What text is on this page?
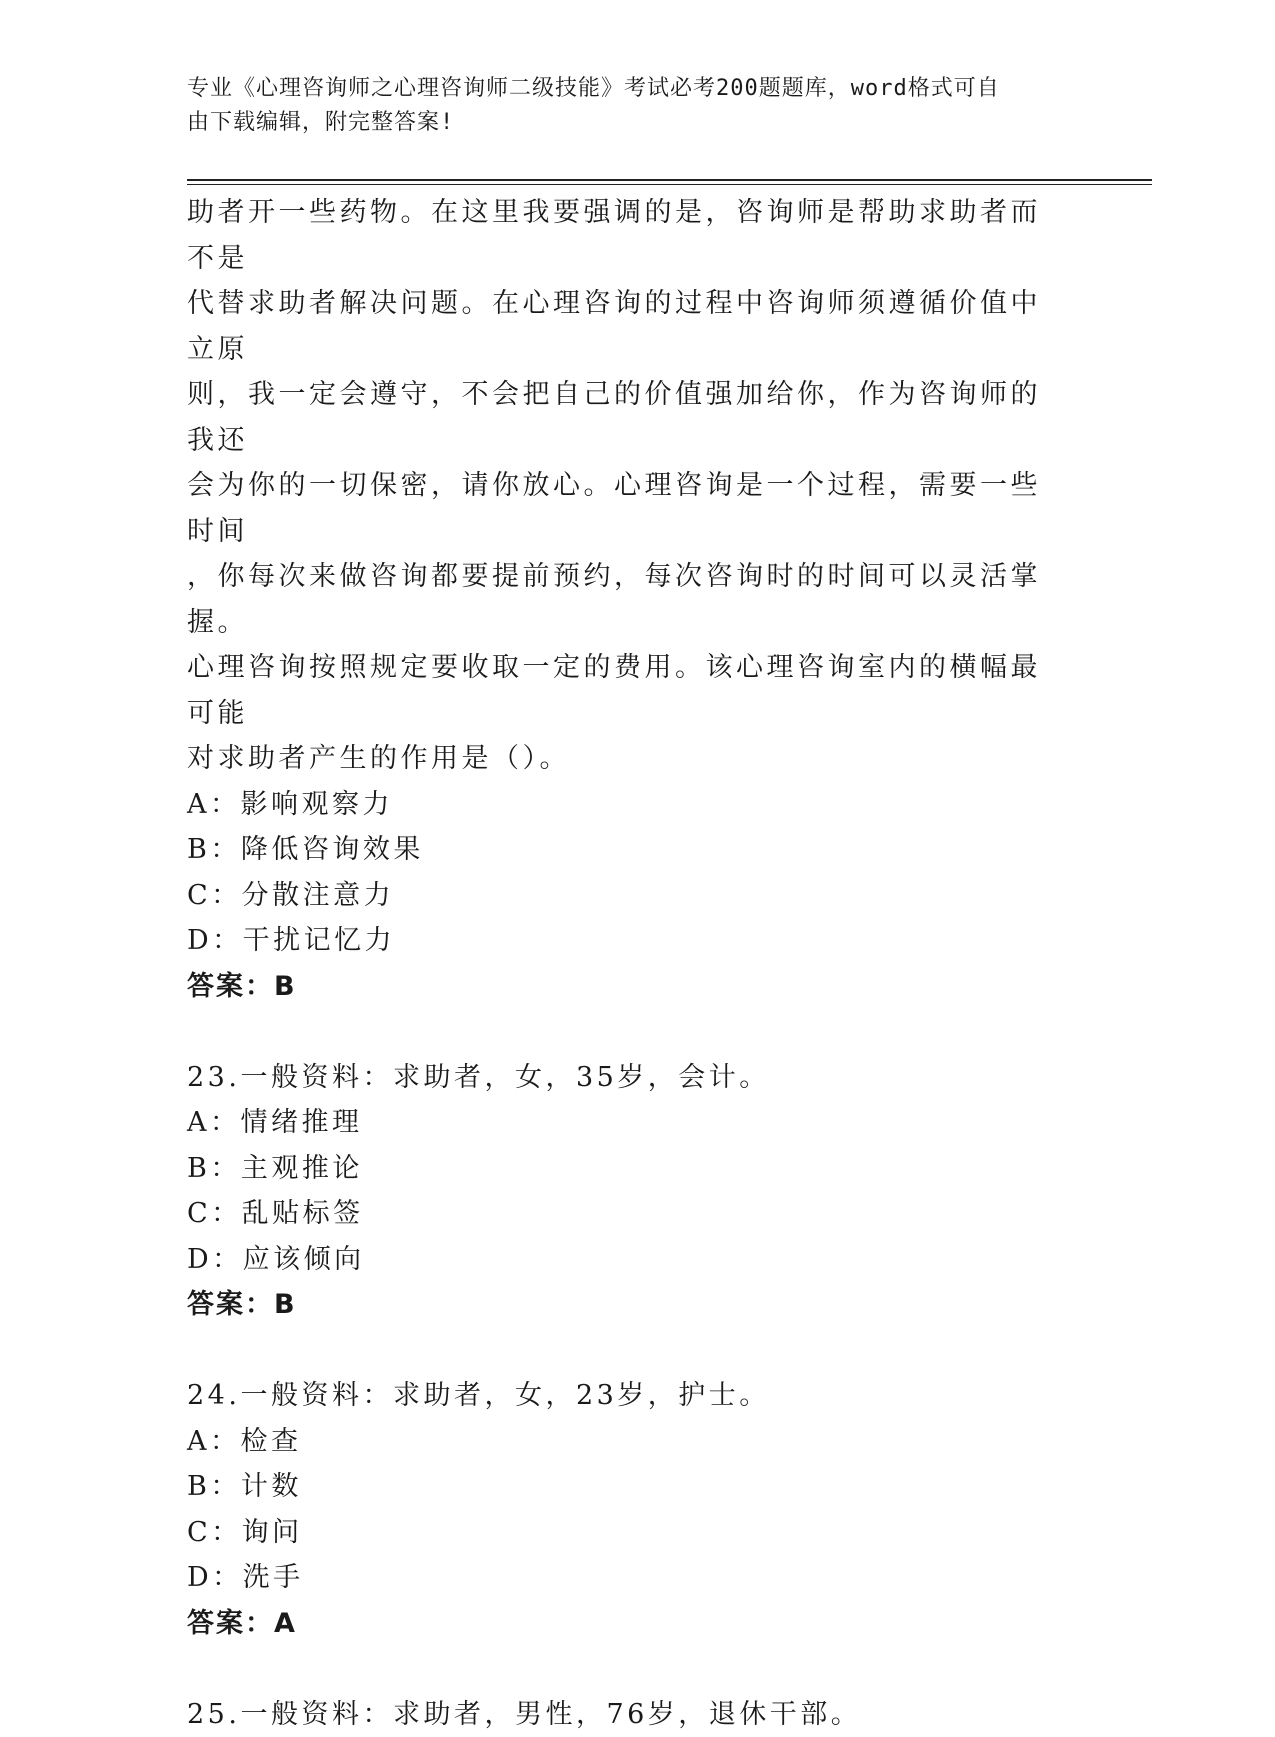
专业《心理咨询师之心理咨询师二级技能》考试必考200题题库，word格式可自
由下载编辑，附完整答案!

助者开一些药物。在这里我要强调的是，咨询师是帮助求助者而不是

代替求助者解决问题。在心理咨询的过程中咨询师须遵循价值中立原

则，我一定会遵守，不会把自己的价值强加给你，作为咨询师的我还

会为你的一切保密，请你放心。心理咨询是一个过程，需要一些时间

，你每次来做咨询都要提前预约，每次咨询时的时间可以灵活掌握。

心理咨询按照规定要收取一定的费用。该心理咨询室内的横幅最可能

对求助者产生的作用是（）。

A：影响观察力

B：降低咨询效果

C：分散注意力

D：干扰记忆力

答案：B

23.一般资料：求助者，女，35岁，会计。

A：情绪推理

B：主观推论

C：乱贴标签

D：应该倾向

答案：B

24.一般资料：求助者，女，23岁，护士。

A：检查

B：计数

C：询问

D：洗手

答案：A

25.一般资料：求助者，男性，76岁，退休干部。
